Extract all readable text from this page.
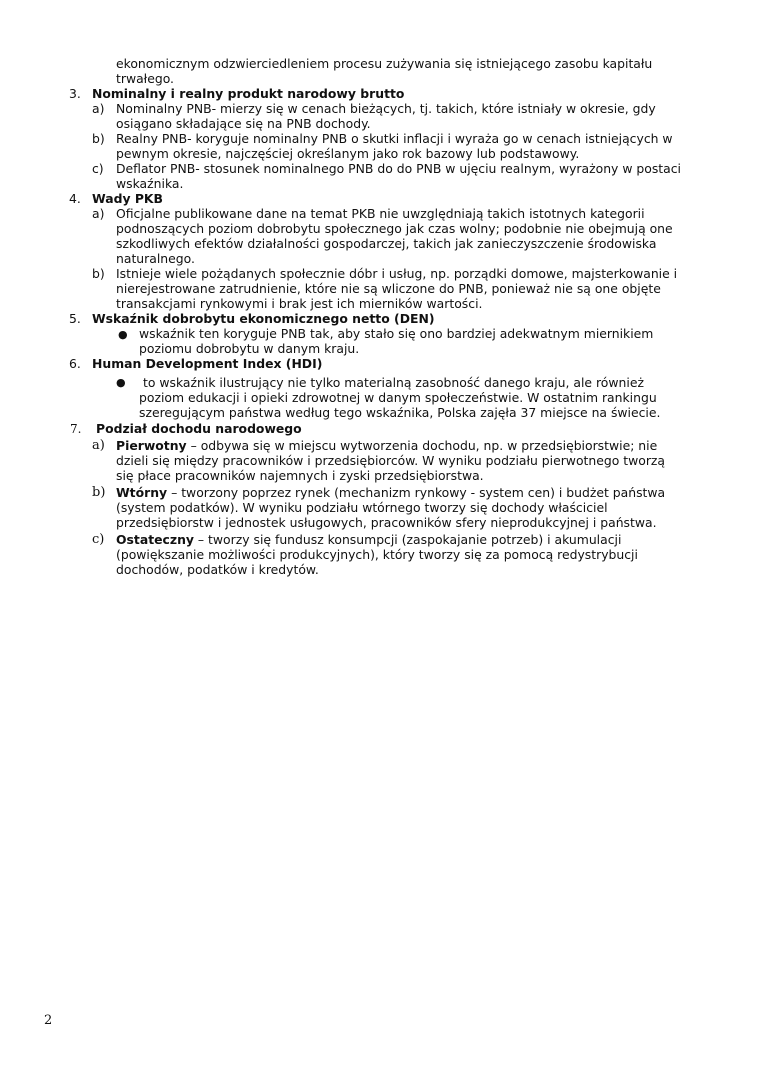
ekonomicznym odzwierciedleniem procesu zużywania się istniejącego zasobu kapitału
trwałego.
3. Nominalny i realny produkt narodowy brutto
a) Nominalny PNB- mierzy się w cenach bieżących, tj. takich, które istniały w okresie, gdy
osiągano składające się na PNB dochody.
b) Realny PNB- koryguje nominalny PNB o skutki inflacji i wyraża go w cenach istniejących w
pewnym okresie, najczęściej określanym jako rok bazowy lub podstawowy.
c) Deflator PNB- stosunek nominalnego PNB do do PNB w ujęciu realnym, wyrażony w postaci
wskaźnika.
4. Wady PKB
a) Oficjalne publikowane dane na temat PKB nie uwzględniają takich istotnych kategorii
podnoszących poziom dobrobytu społecznego jak czas wolny; podobnie nie obejmują one
szkodliwych efektów działalności gospodarczej, takich jak zanieczyszczenie środowiska
naturalnego.
b) Istnieje wiele pożądanych społecznie dóbr i usług, np. porządki domowe, majsterkowanie i
nierejestrowane zatrudnienie, które nie są wliczone do PNB, ponieważ nie są one objęte
transakcjami rynkowymi i brak jest ich mierników wartości.
5. Wskaźnik dobrobytu ekonomicznego netto (DEN)
● wskaźnik ten koryguje PNB tak, aby stało się ono bardziej adekwatnym miernikiem
poziomu dobrobytu w danym kraju.
6. Human Development Index (HDI)
● to wskaźnik ilustrujący nie tylko materialną zasobność danego kraju, ale również
poziom edukacji i opieki zdrowotnej w danym społeczeństwie. W ostatnim rankingu
szeregującym państwa według tego wskaźnika, Polska zajęła 37 miejsce na świecie.
7. Podział dochodu narodowego
a) Pierwotny – odbywa się w miejscu wytworzenia dochodu, np. w przedsiębiorstwie; nie
dzieli się między pracowników i przedsiębiorców. W wyniku podziału pierwotnego tworzą
się płace pracowników najemnych i zyski przedsiębiorstwa.
b) Wtórny – tworzony poprzez rynek (mechanizm rynkowy - system cen) i budżet państwa
(system podatków). W wyniku podziału wtórnego tworzy się dochody właściciel
przedsiębiorstw i jednostek usługowych, pracowników sfery nieprodukcyjnej i państwa.
c) Ostateczny – tworzy się fundusz konsumpcji (zaspokajanie potrzeb) i akumulacji
(powiększanie możliwości produkcyjnych), który tworzy się za pomocą redystrybucji
dochodów, podatków i kredytów.
2
